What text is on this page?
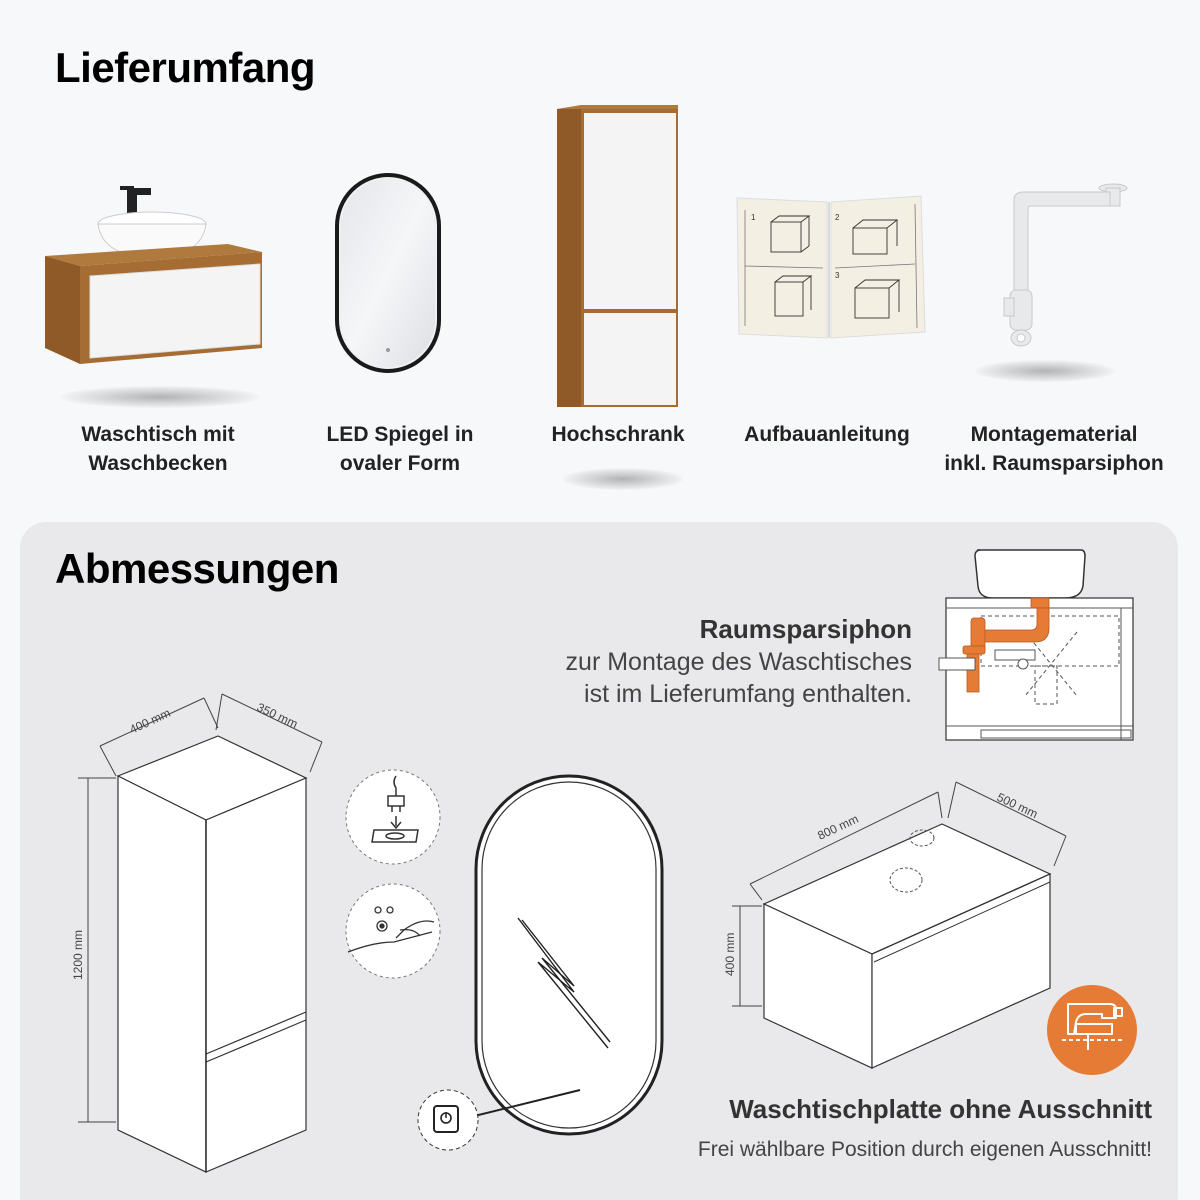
Lieferumfang
Waschtisch mit
Waschbecken
LED Spiegel in
ovaler Form
Hochschrank
1	2
3
Aufbauanleitung	Montagematerial
inkl. Raumsparsiphon
Abmessungen
Raumsparsiphon
zur Montage des Waschtisches
ist im Lieferumfang enthalten.
400 mm	350 mm
1200 mm
800 mm
500 mm
400 mm
Waschtischplatte ohne Ausschnitt
Frei wählbare Position durch eigenen Ausschnitt!
